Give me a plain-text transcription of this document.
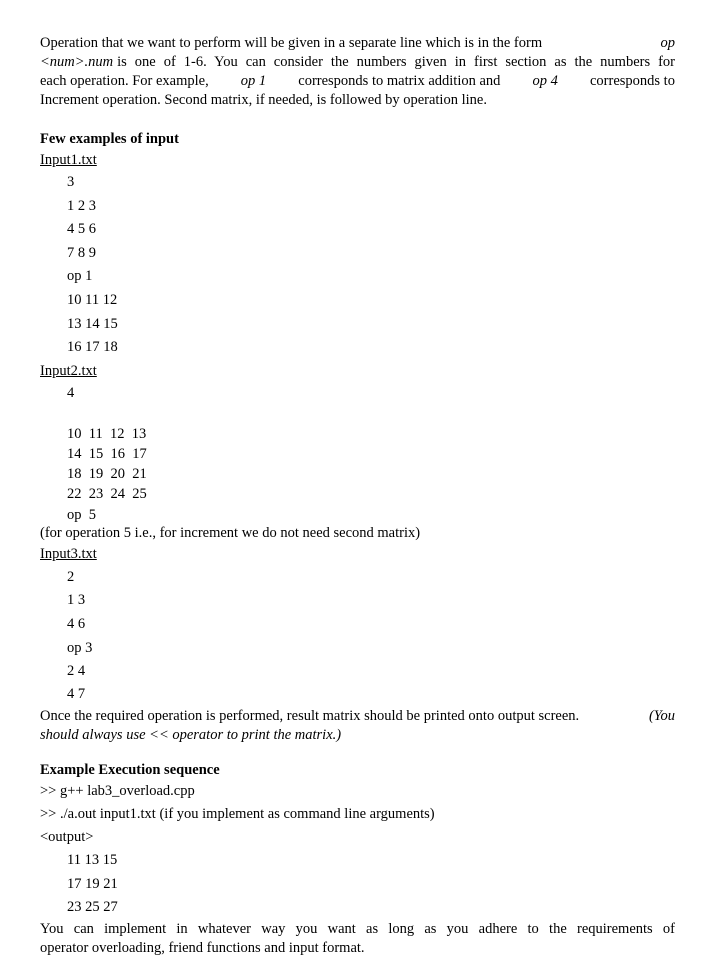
Operation that we want to perform will be given in a separate line which is in the form	op
<num>.num is one of 1-6. You can consider the numbers given in first section as the numbers for
each operation. For example, op 1 corresponds to matrix addition and op 4 corresponds to
Increment operation. Second matrix, if needed, is followed by operation line.
Few examples of input
Input1.txt
3
1 2 3
4 5 6
7 8 9
op 1
10 11 12
13 14 15
16 17 18
Input2.txt
4
10  11  12  13
14  15  16  17
18  19  20  21
22  23  24  25
op  5
(for operation 5 i.e., for increment we do not need second matrix)
Input3.txt
2
1 3
4 6
op 3
2 4
4 7
Once the required operation is performed, result matrix should be printed onto output screen.	(You
should always use << operator to print the matrix.)
Example Execution sequence
>> g++ lab3_overload.cpp
>> ./a.out input1.txt (if you implement as command line arguments)
<output>
11 13 15
17 19 21
23 25 27
You can implement in whatever way you want as long as you adhere to the requirements of
operator overloading, friend functions and input format.
